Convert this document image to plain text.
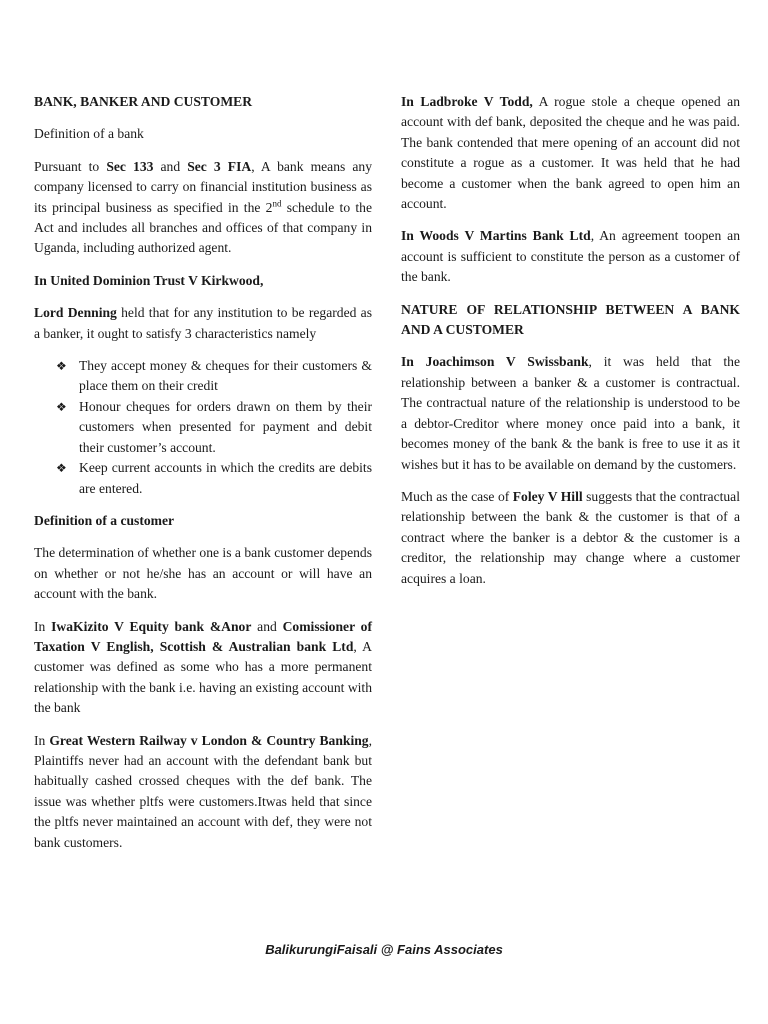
BANK, BANKER AND CUSTOMER

Definition of a bank

Pursuant to Sec 133 and Sec 3 FIA, A bank means any company licensed to carry on financial institution business as its principal business as specified in the 2nd schedule to the Act and includes all branches and offices of that company in Uganda, including authorized agent.

In United Dominion Trust V Kirkwood,

Lord Denning held that for any institution to be regarded as a banker, it ought to satisfy 3 characteristics namely

❖ They accept money & cheques for their customers & place them on their credit
❖ Honour cheques for orders drawn on them by their customers when presented for payment and debit their customer’s account.
❖ Keep current accounts in which the credits are debits are entered.

Definition of a customer

The determination of whether one is a bank customer depends on whether or not he/she has an account or will have an account with the bank.

In IwaKizito V Equity bank &Anor and Comissioner of Taxation V English, Scottish & Australian bank Ltd, A customer was defined as some who has a more permanent relationship with the bank i.e. having an existing account with the bank

In Great Western Railway v London & Country Banking, Plaintiffs never had an account with the defendant bank but habitually cashed crossed cheques with the def bank. The issue was whether pltfs were customers.Itwas held that since the pltfs never maintained an account with def, they were not bank customers.

In Ladbroke V Todd, A rogue stole a cheque opened an account with def bank, deposited the cheque and he was paid. The bank contended that mere opening of an account did not constitute a rogue as a customer. It was held that he had become a customer when the bank agreed to open him an account.

In Woods V Martins Bank Ltd, An agreement toopen an account is sufficient to constitute the person as a customer of the bank.

NATURE OF RELATIONSHIP BETWEEN A BANK AND A CUSTOMER

In Joachimson V Swissbank, it was held that the relationship between a banker & a customer is contractual. The contractual nature of the relationship is understood to be a debtor-Creditor where money once paid into a bank, it becomes money of the bank & the bank is free to use it as it wishes but it has to be available on demand by the customers.

Much as the case of Foley V Hill suggests that the contractual relationship between the bank & the customer is that of a contract where the banker is a debtor & the customer is a creditor, the relationship may change where a customer acquires a loan.

BalikurungiFaisali @ Fains Associates
